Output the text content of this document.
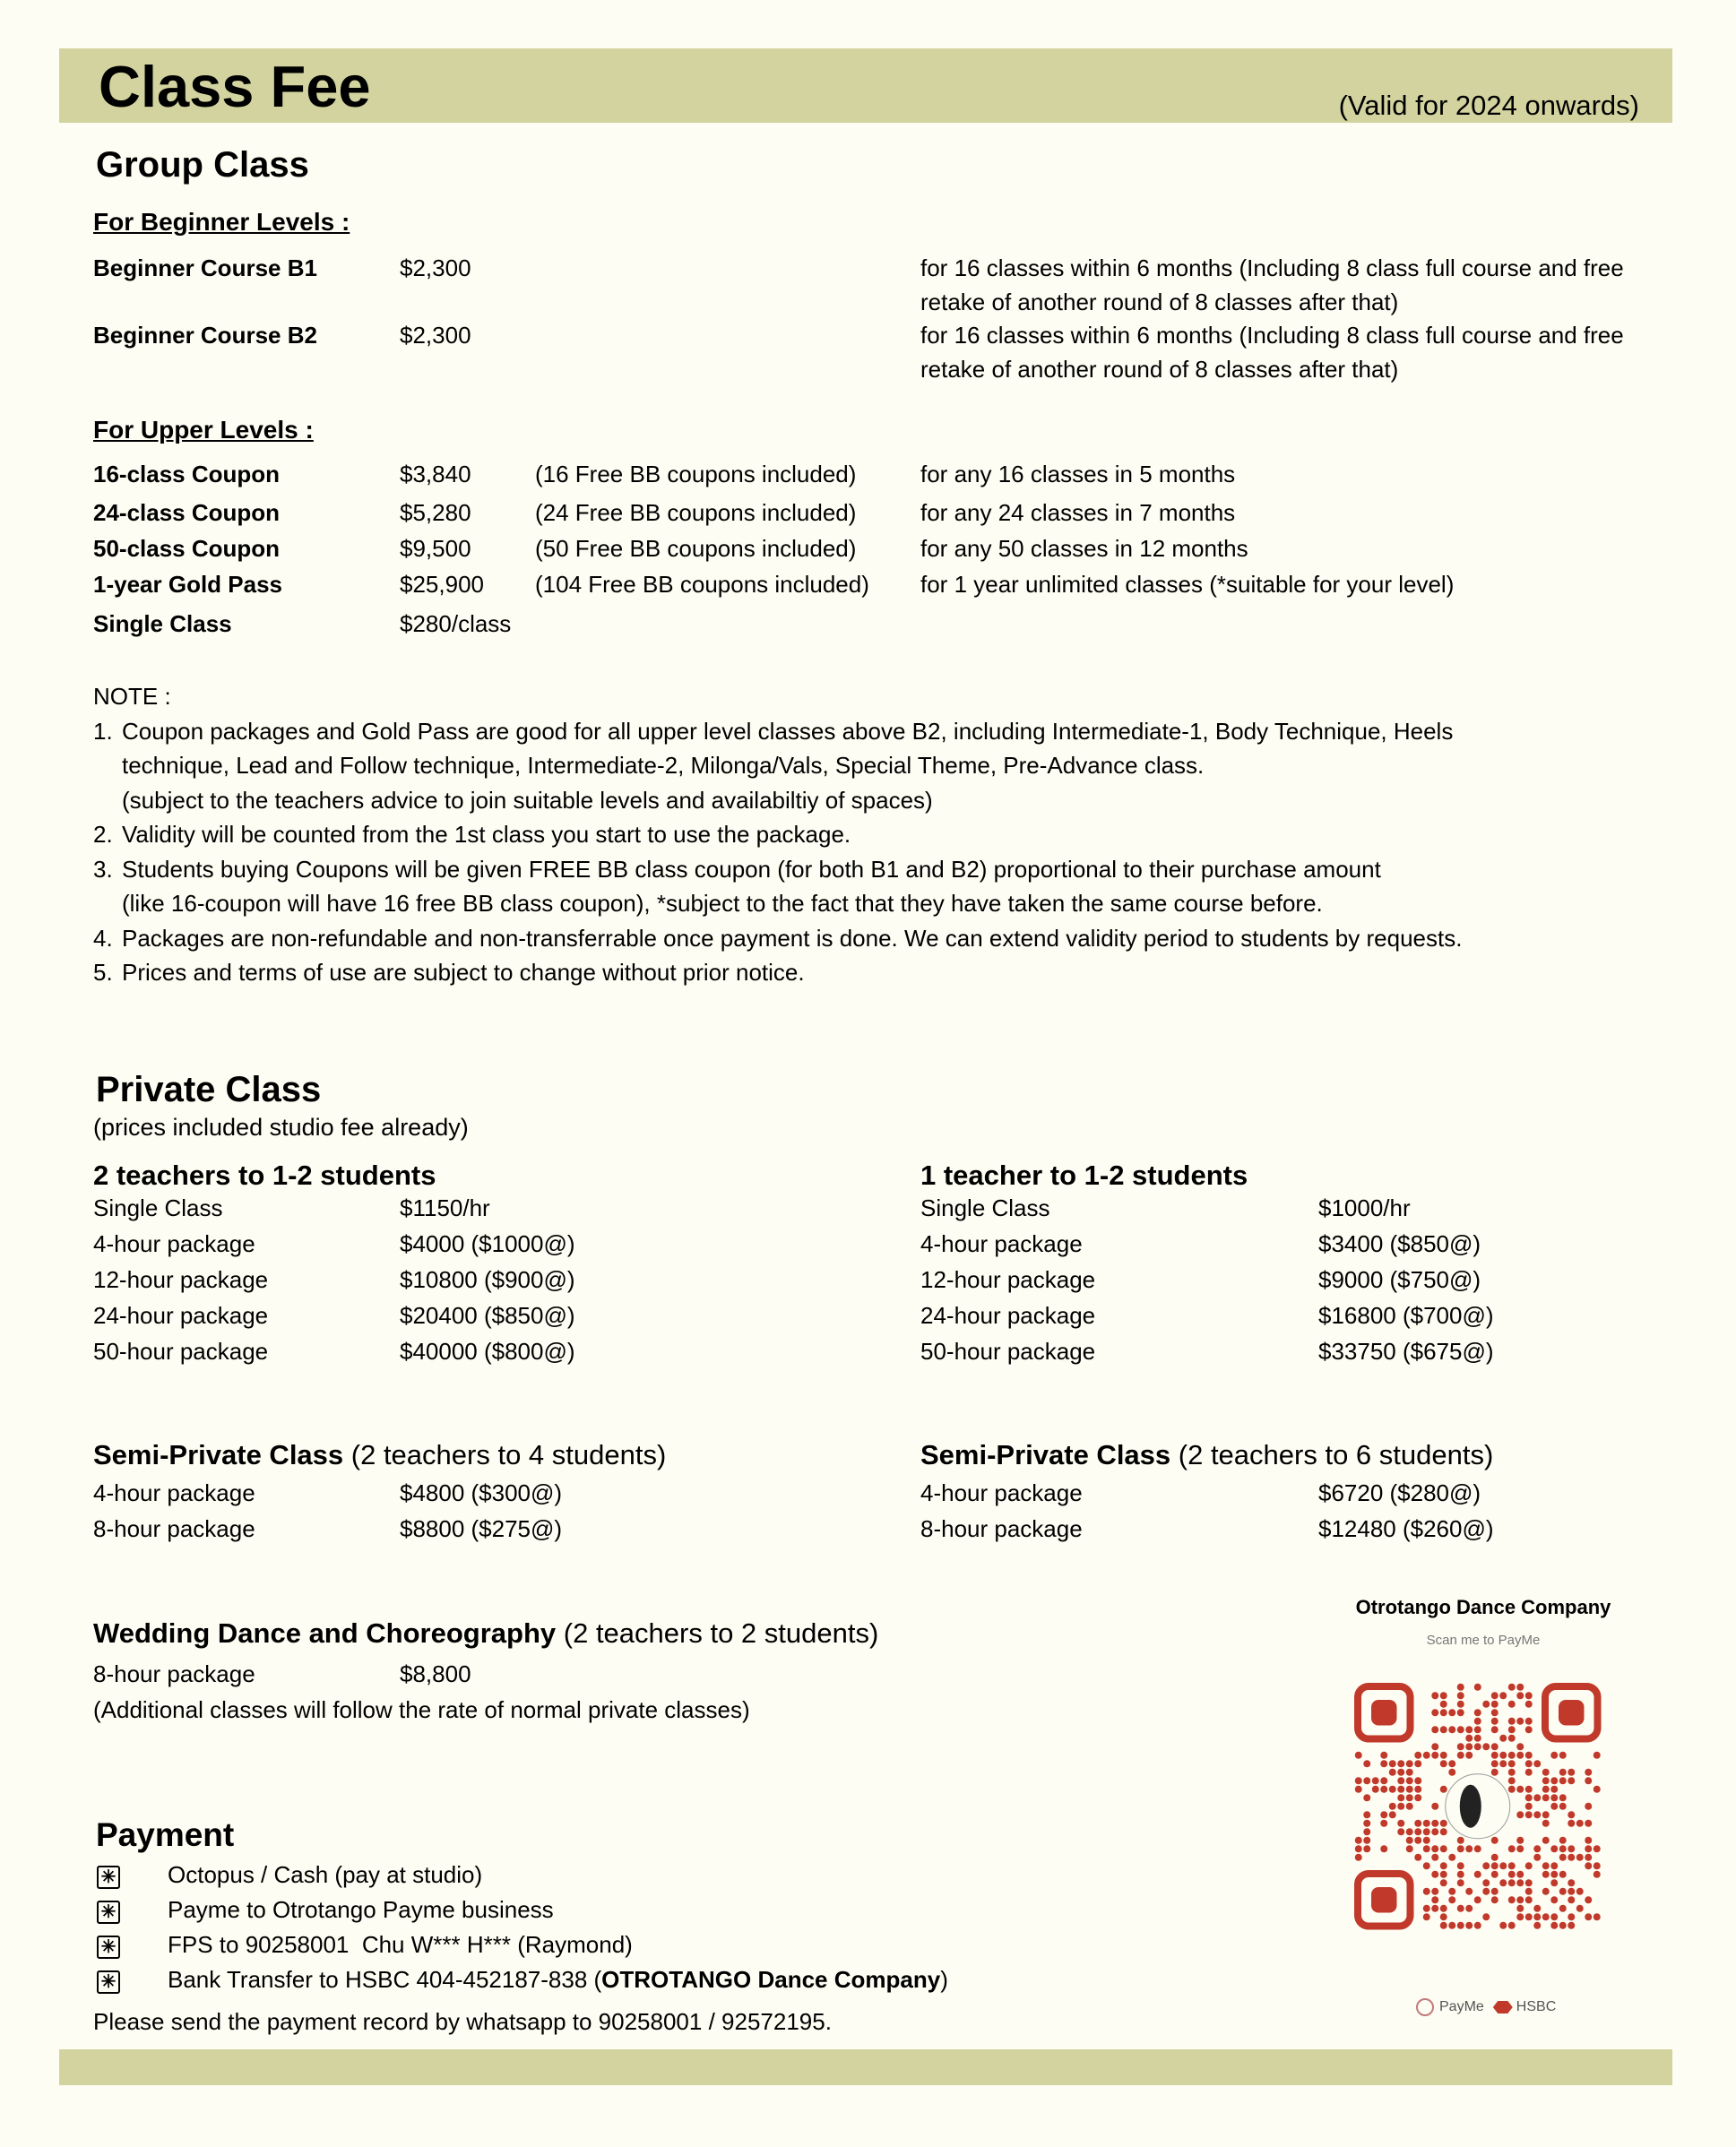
Class Fee	(Valid for 2024 onwards)
Group Class
For Beginner Levels :
Beginner Course B1	$2,300	for 16 classes within 6 months (Including 8 class full course and free retake of another round of 8 classes after that)
Beginner Course B2	$2,300	for 16 classes within 6 months (Including 8 class full course and free retake of another round of 8 classes after that)
For Upper Levels :
16-class Coupon	$3,840	(16 Free BB coupons included)	for any 16 classes in 5 months
24-class Coupon	$5,280	(24 Free BB coupons included)	for any 24 classes in 7 months
50-class Coupon	$9,500	(50 Free BB coupons included)	for any 50 classes in 12 months
1-year Gold Pass	$25,900 (104 Free BB coupons included) for 1 year unlimited classes (*suitable for your level)
Single Class	$280/class
NOTE :
1. Coupon packages and Gold Pass are good for all upper level classes above B2, including Intermediate-1, Body Technique, Heels
technique, Lead and Follow technique, Intermediate-2, Milonga/Vals, Special Theme, Pre-Advance class.
(subject to the teachers advice to join suitable levels and availabiltiy of spaces)
2. Validity will be counted from the 1st class you start to use the package.
3. Students buying Coupons will be given FREE BB class coupon (for both B1 and B2) proportional to their purchase amount
(like 16-coupon will have 16 free BB class coupon), *subject to the fact that they have taken the same course before.
4. Packages are non-refundable and non-transferrable once payment is done. We can extend validity period to students by requests.
5. Prices and terms of use are subject to change without prior notice.
Private Class
(prices included studio fee already)
2 teachers to 1-2 students
Single Class	$1150/hr
4-hour package	$4000 ($1000@)
12-hour package	$10800 ($900@)
24-hour package	$20400 ($850@)
50-hour package	$40000 ($800@)
1 teacher to 1-2 students
Single Class	$1000/hr
4-hour package	$3400 ($850@)
12-hour package	$9000 ($750@)
24-hour package	$16800 ($700@)
50-hour package	$33750 ($675@)
Semi-Private Class (2 teachers to 4 students)
4-hour package	$4800 ($300@)
8-hour package	$8800 ($275@)
Semi-Private Class (2 teachers to 6 students)
4-hour package	$6720 ($280@)
8-hour package	$12480 ($260@)
Wedding Dance and Choreography (2 teachers to 2 students)
8-hour package	$8,800
(Additional classes will follow the rate of normal private classes)
Payment
✳ Octopus / Cash (pay at studio)
✳ Payme to Otrotango Payme business
✳ FPS to 90258001  Chu W*** H*** (Raymond)
✳ Bank Transfer to HSBC 404-452187-838 (OTROTANGO Dance Company)
Please send the payment record by whatsapp to 90258001 / 92572195.
Otrotango Dance Company
Scan me to PayMe
PayMe HSBC
